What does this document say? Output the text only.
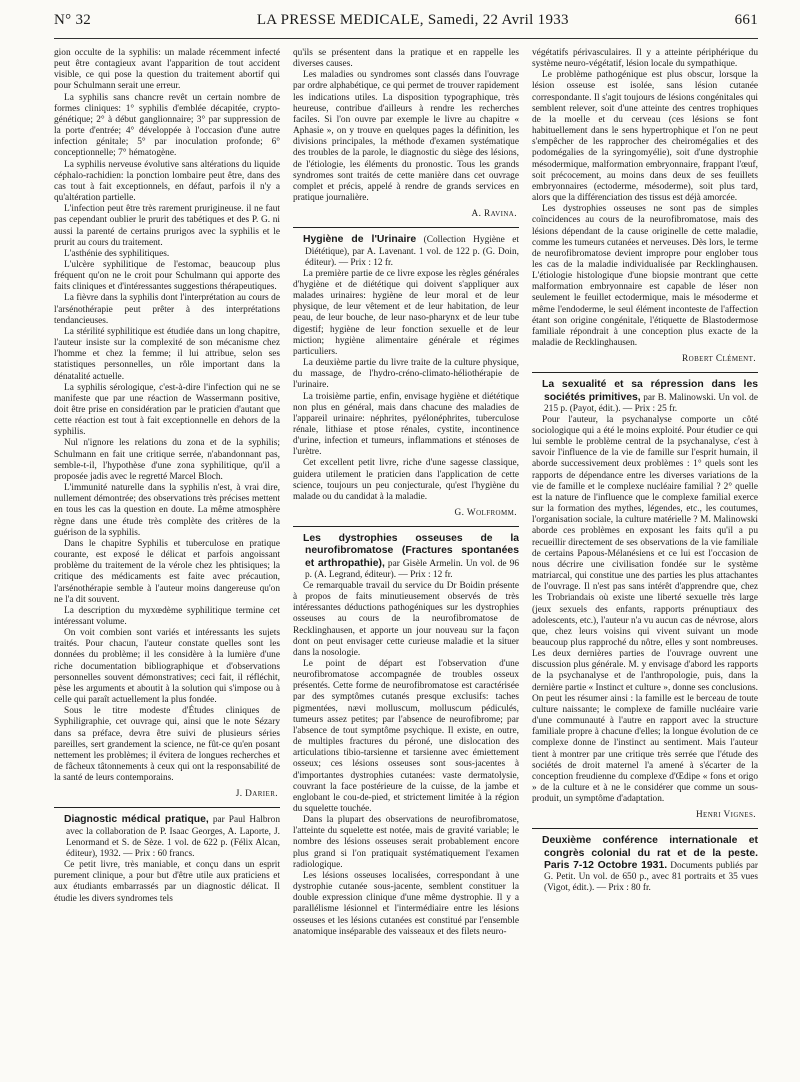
N° 32	LA PRESSE MEDICALE, Samedi, 22 Avril 1933	661

gion occulte de la syphilis: un malade récemment infecté peut être contagieux avant l'apparition de tout accident visible, ce qui pose la question du traitement abortif qui pour Schulmann serait une erreur.

La syphilis sans chancre revêt un certain nombre de formes cliniques: 1° syphilis d'emblée décapitée, crypto-génétique; 2° à début ganglionnaire; 3° par suppression de la porte d'entrée; 4° développée à l'occasion d'une autre infection génitale; 5° par inoculation profonde; 6° conceptionnelle; 7° hématogène.

La syphilis nerveuse évolutive sans altérations du liquide céphalo-rachidien: la ponction lombaire peut être, dans des cas tout à fait exceptionnels, en défaut, parfois il n'y a qu'altération partielle.

L'infection peut être très rarement prurigineuse. il ne faut pas cependant oublier le prurit des tabétiques et des P. G. ni aussi la parenté de certains prurigos avec la syphilis et le prurit au cours du traitement.

L'asthénie des syphilitiques.

L'ulcère syphilitique de l'estomac, beaucoup plus fréquent qu'on ne le croit pour Schulmann qui apporte des faits cliniques et d'intéressantes suggestions thérapeutiques.

La fièvre dans la syphilis dont l'interprétation au cours de l'arsénothérapie peut prêter à des interprétations tendancieuses.

La stérilité syphilitique est étudiée dans un long chapitre, l'auteur insiste sur la complexité de son mécanisme chez l'homme et chez la femme; il lui attribue, selon ses statistiques personnelles, un rôle important dans la dénatalité actuelle.

La syphilis sérologique, c'est-à-dire l'infection qui ne se manifeste que par une réaction de Wassermann positive, doit être prise en considération par le praticien d'autant que cette réaction est tout à fait exceptionnelle en dehors de la syphilis.

Nul n'ignore les relations du zona et de la syphilis; Schulmann en fait une critique serrée, n'abandonnant pas, semble-t-il, l'hypothèse d'une zona syphilitique, qu'il a proposée jadis avec le regretté Marcel Bloch.

L'immunité naturelle dans la syphilis n'est, à vrai dire, nullement démontrée; des observations très précises mettent en tous les cas la question en doute. La même atmosphère règne dans une étude très complète des critères de la guérison de la syphilis.

Dans le chapitre Syphilis et tuberculose en pratique courante, est exposé le délicat et parfois angoissant problème du traitement de la vérole chez les phtisiques; la critique des médicaments est faite avec précaution, l'arsénothérapie semble à l'auteur moins dangereuse qu'on ne l'a dit souvent.

La description du myxœdème syphilitique termine cet intéressant volume.

On voit combien sont variés et intéressants les sujets traités. Pour chacun, l'auteur constate quelles sont les données du problème; il les considère à la lumière d'une riche documentation bibliographique et d'observations personnelles souvent démonstratives; ceci fait, il réfléchit, pèse les arguments et aboutit à la solution qui s'impose ou à celle qui paraît actuellement la plus fondée.

Sous le titre modeste d'Études cliniques de Syphiligraphie, cet ouvrage qui, ainsi que le note Sézary dans sa préface, devra être suivi de plusieurs séries pareilles, sert grandement la science, ne fût-ce qu'en posant nettement les problèmes; il évitera de longues recherches et de fâcheux tâtonnements à ceux qui ont la responsabilité de la santé de leurs contemporains.

J. Darier.

Diagnostic médical pratique, par Paul Halbron avec la collaboration de P. Isaac Georges, A. Laporte, J. Lenormand et S. de Sèze. 1 vol. de 622 p. (Félix Alcan, éditeur), 1932. — Prix : 60 francs.

Ce petit livre, très maniable, et conçu dans un esprit purement clinique, a pour but d'être utile aux praticiens et aux étudiants embarrassés par un diagnostic délicat. Il étudie les divers syndromes tels

qu'ils se présentent dans la pratique et en rappelle les diverses causes.

Les maladies ou syndromes sont classés dans l'ouvrage par ordre alphabétique, ce qui permet de trouver rapidement les indications utiles. La disposition typographique, très heureuse, contribue d'ailleurs à rendre les recherches faciles. Si l'on ouvre par exemple le livre au chapitre « Aphasie », on y trouve en quelques pages la définition, les divisions principales, la méthode d'examen systématique des troubles de la parole, le diagnostic du siège des lésions, de l'étiologie, les éléments du pronostic. Tous les grands syndromes sont traités de cette manière dans cet ouvrage complet et précis, appelé à rendre de grands services en pratique journalière.

A. Ravina.

Hygiène de l'Urinaire (Collection Hygiène et Diététique), par A. Lavenant. 1 vol. de 122 p. (G. Doin, éditeur). — Prix : 12 fr.

La première partie de ce livre expose les règles générales d'hygiène et de diététique qui doivent s'appliquer aux malades urinaires: hygiène de leur moral et de leur physique, de leur vêtement et de leur habitation, de leur peau, de leur bouche, de leur naso-pharynx et de leur tube digestif; hygiène de leur fonction sexuelle et de leur miction; hygiène alimentaire générale et régimes particuliers.

La deuxième partie du livre traite de la culture physique, du massage, de l'hydro-créno-climato-héliothérapie de l'urinaire.

La troisième partie, enfin, envisage hygiène et diététique non plus en général, mais dans chacune des maladies de l'appareil urinaire: néphrites, pyélonéphrites, tuberculose rénale, lithiase et ptose rénales, cystite, incontinence d'urine, infection et tumeurs, inflammations et sténoses de l'urètre.

Cet excellent petit livre, riche d'une sagesse classique, guidera utilement le praticien dans l'application de cette science, toujours un peu conjecturale, qu'est l'hygiène du malade ou du candidat à la maladie.

G. Wolfromm.

Les dystrophies osseuses de la neurofibromatose (Fractures spontanées et arthropathie), par Gisèle Armelin. Un vol. de 96 p. (A. Legrand, éditeur). — Prix : 12 fr.

Ce remarquable travail du service du Dr Boidin présente à propos de faits minutieusement observés de très intéressantes déductions pathogéniques sur les dystrophies osseuses au cours de la neurofibromatose de Recklinghausen, et apporte un jour nouveau sur la façon dont on peut envisager cette curieuse maladie et la situer dans la nosologie.

Le point de départ est l'observation d'une neurofibromatose accompagnée de troubles osseux présentés. Cette forme de neurofibromatose est caractérisée par des symptômes cutanés presque exclusifs: taches pigmentées, nævi molluscum, molluscum pédiculés, tumeurs assez petites; par l'absence de neurofibrome; par l'absence de tout symptôme psychique. Il existe, en outre, de multiples fractures du péroné, une dislocation des articulations tibio-tarsienne et tarsienne avec émiettement osseux; ces lésions osseuses sont sous-jacentes à d'importantes dystrophies cutanées: vaste dermatolysie, couvrant la face postérieure de la cuisse, de la jambe et englobant le cou-de-pied, et strictement limitée à la région du squelette touchée.

Dans la plupart des observations de neurofibromatose, l'atteinte du squelette est notée, mais de gravité variable; le nombre des lésions osseuses serait probablement encore plus grand si l'on pratiquait systématiquement l'examen radiologique.

Les lésions osseuses localisées, correspondant à une dystrophie cutanée sous-jacente, semblent constituer la double expression clinique d'une même dystrophie. Il y a parallélisme lésionnel et l'intermédiaire entre les lésions osseuses et les lésions cutanées est constitué par l'ensemble anatomique inséparable des vaisseaux et des filets neuro-

végétatifs périvasculaires. Il y a atteinte périphérique du système neuro-végétatif, lésion locale du sympathique.

Le problème pathogénique est plus obscur, lorsque la lésion osseuse est isolée, sans lésion cutanée correspondante. Il s'agit toujours de lésions congénitales qui semblent relever, soit d'une atteinte des centres trophiques de la moelle et du cerveau (ces lésions se font habituellement dans le sens hypertrophique et l'on ne peut s'empêcher de les rapprocher des cheiromégalies et des podomégalies de la syringomyélie), soit d'une dystrophie mésodermique, malformation embryonnaire, frappant l'œuf, soit précocement, au moins dans deux de ses feuillets embryonnaires (ectoderme, mésoderme), soit plus tard, alors que la différenciation des tissus est déjà amorcée.

Les dystrophies osseuses ne sont pas de simples coïncidences au cours de la neurofibromatose, mais des lésions dépendant de la cause originelle de cette maladie, comme les tumeurs cutanées et nerveuses. Dès lors, le terme de neurofibromatose devient impropre pour englober tous les cas de la maladie individualisée par Recklinghausen. L'étiologie histologique d'une biopsie montrant que cette malformation embryonnaire est capable de léser non seulement le feuillet ectodermique, mais le mésoderme et même l'endoderme, le seul élément inconteste de l'affection étant son origine congénitale, l'étiquette de Blastodermose familiale répondrait à une conception plus exacte de la maladie de Recklinghausen.

Robert Clément.

La sexualité et sa répression dans les sociétés primitives, par B. Malinowski. Un vol. de 215 p. (Payot, édit.). — Prix : 25 fr.

Pour l'auteur, la psychanalyse comporte un côté sociologique qui a été le moins exploité. Pour étudier ce qui lui semble le problème central de la psychanalyse, c'est à savoir l'influence de la vie de famille sur l'esprit humain, il aborde successivement deux problèmes : 1° quels sont les rapports de dépendance entre les diverses variations de la vie de famille et le complexe nucléaire familial ? 2° quelle est la nature de l'influence que le complexe familial exerce sur la formation des mythes, légendes, etc., les coutumes, l'organisation sociale, la culture matérielle ? M. Malinowski aborde ces problèmes en exposant les faits qu'il a pu recueillir directement de ses observations de la vie familiale de certains Papous-Mélanésiens et ce lui est l'occasion de nous décrire une civilisation fondée sur le système matriarcal, qui constitue une des parties les plus attachantes de l'ouvrage. Il n'est pas sans intérêt d'apprendre que, chez les Trobriandais où existe une liberté sexuelle très large (jeux sexuels des enfants, rapports prénuptiaux des adolescents, etc.), l'auteur n'a vu aucun cas de névrose, alors que, chez leurs voisins qui vivent suivant un mode beaucoup plus rapproché du nôtre, elles y sont nombreuses. Les deux dernières parties de l'ouvrage ouvrent une discussion plus générale. M. y envisage d'abord les rapports de la psychanalyse et de l'anthropologie, puis, dans la dernière partie « Instinct et culture », donne ses conclusions. On peut les résumer ainsi : la famille est le berceau de toute culture naissante; le complexe de famille nucléaire varie d'une communauté à l'autre en rapport avec la structure familiale propre à chacune d'elles; la longue évolution de ce complexe donne de l'instinct au sentiment. Mais l'auteur tient à montrer par une critique très serrée que l'étude des sociétés de droit maternel l'a amené à s'écarter de la conception freudienne du complexe d'Œdipe « fons et origo » de la culture et à ne le considérer que comme un sous-produit, un symptôme d'adaptation.

Henri Vignes.

Deuxième conférence internationale et congrès colonial du rat et de la peste. Paris 7-12 Octobre 1931. Documents publiés par G. Petit. Un vol. de 650 p., avec 81 portraits et 35 vues (Vigot, édit.). — Prix : 80 fr.
